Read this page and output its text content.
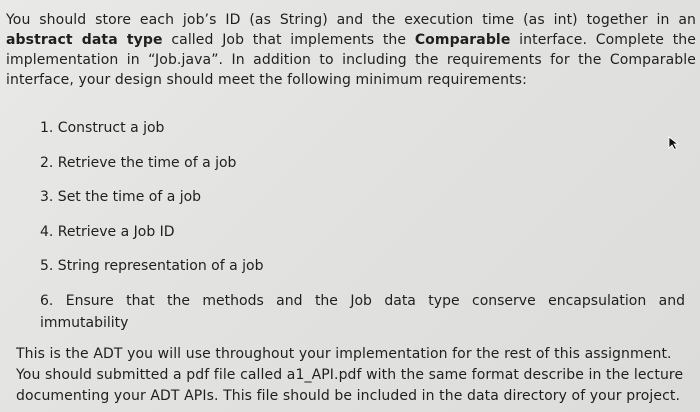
You should store each job’s ID (as String) and the execution time (as int) together in an abstract data type called Job that implements the Comparable interface. Complete the implementation in “Job.java”. In addition to including the requirements for the Comparable interface, your design should meet the following minimum requirements:

1. Construct a job
2. Retrieve the time of a job
3. Set the time of a job
4. Retrieve a Job ID
5. String representation of a job
6. Ensure that the methods and the Job data type conserve encapsulation and immutability

This is the ADT you will use throughout your implementation for the rest of this assignment. You should submitted a pdf file called a1_API.pdf with the same format describe in the lecture documenting your ADT APIs. This file should be included in the data directory of your project.
